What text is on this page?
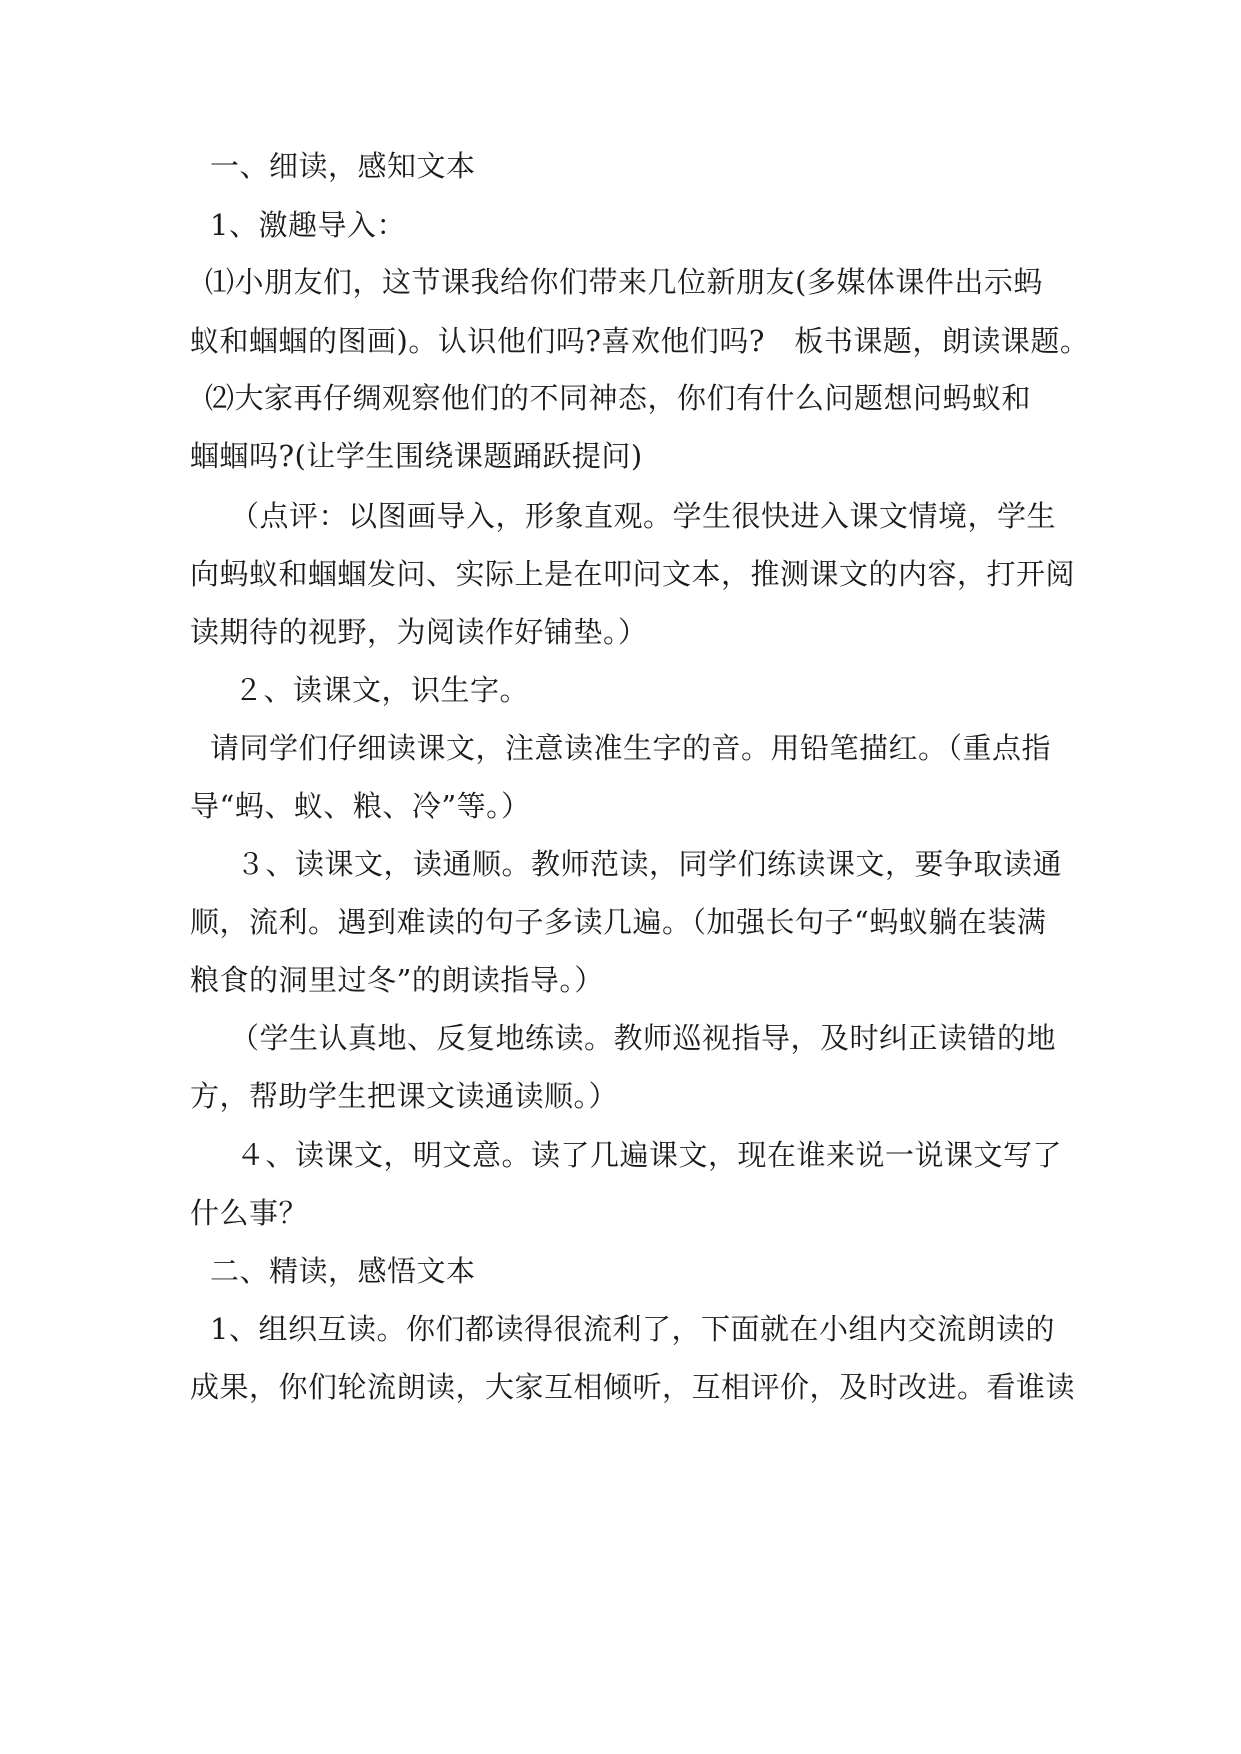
一、细读，感知文本
1、激趣导入：
⑴小朋友们，这节课我给你们带来几位新朋友(多媒体课件出示蚂
蚁和蝈蝈的图画)。认识他们吗?喜欢他们吗?　板书课题，朗读课题。
⑵大家再仔绸观察他们的不同神态，你们有什么问题想问蚂蚁和
蝈蝈吗?(让学生围绕课题踊跃提问)
（点评：以图画导入，形象直观。学生很快进入课文情境，学生
向蚂蚁和蝈蝈发问、实际上是在叩问文本，推测课文的内容，打开阅
读期待的视野，为阅读作好铺垫。）
２、读课文，识生字。
请同学们仔细读课文，注意读准生字的音。用铅笔描红。（重点指
导“蚂、蚁、粮、冷”等。）
３、读课文，读通顺。教师范读，同学们练读课文，要争取读通
顺，流利。遇到难读的句子多读几遍。（加强长句子“蚂蚁躺在装满
粮食的洞里过冬”的朗读指导。）
（学生认真地、反复地练读。教师巡视指导，及时纠正读错的地
方，帮助学生把课文读通读顺。）
４、读课文，明文意。读了几遍课文，现在谁来说一说课文写了
什么事？
二、精读，感悟文本
1、组织互读。你们都读得很流利了，下面就在小组内交流朗读的
成果，你们轮流朗读，大家互相倾听，互相评价，及时改进。看谁读
